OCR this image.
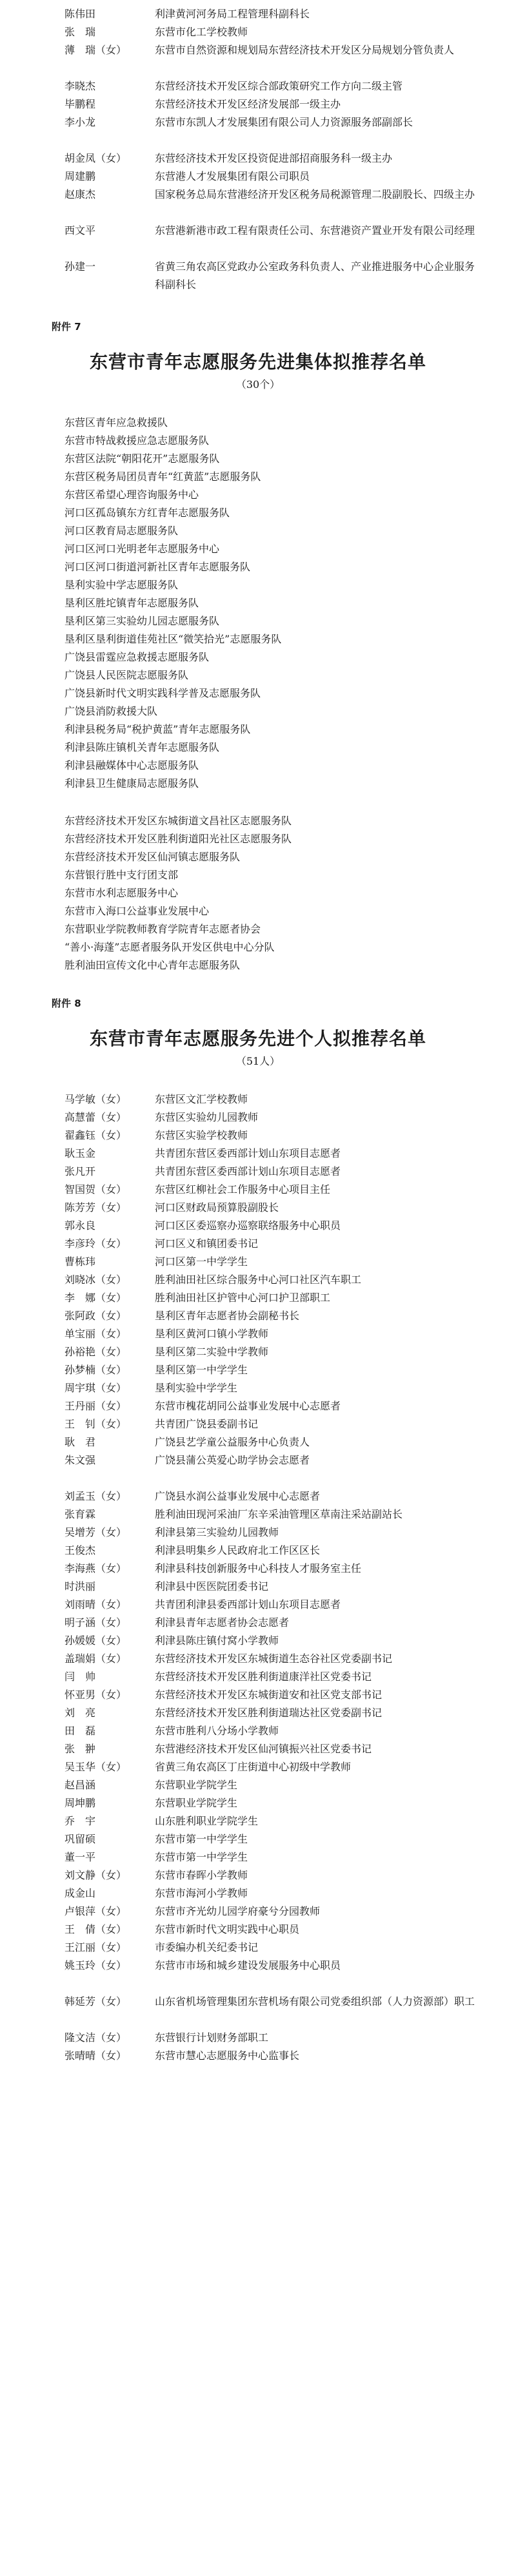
陈伟田	利津黄河河务局工程管理科副科长
张　瑞	东营市化工学校教师
薄　瑞（女）	东营市自然资源和规划局东营经济技术开发区分局规划分管负责人
李晓杰	东营经济技术开发区综合部政策研究工作方向二级主管
毕鹏程	东营经济技术开发区经济发展部一级主办
李小龙	东营市东凯人才发展集团有限公司人力资源服务部副部长
胡金凤（女）	东营经济技术开发区投资促进部招商服务科一级主办
周建鹏	东营港人才发展集团有限公司职员
赵康杰	国家税务总局东营港经济开发区税务局税源管理二股副股长、四级主办
西文平	东营港新港市政工程有限责任公司、东营港资产置业开发有限公司经理
孙建一	省黄三角农高区党政办公室政务科负责人、产业推进服务中心企业服务科副科长
附件 7
东营市青年志愿服务先进集体拟推荐名单
（30个）
东营区青年应急救援队
东营市特战救援应急志愿服务队
东营区法院“朝阳花开”志愿服务队
东营区税务局团员青年“红黄蓝”志愿服务队
东营区希望心理咨询服务中心
河口区孤岛镇东方红青年志愿服务队
河口区教育局志愿服务队
河口区河口光明老年志愿服务中心
河口区河口街道河新社区青年志愿服务队
垦利实验中学志愿服务队
垦利区胜坨镇青年志愿服务队
垦利区第三实验幼儿园志愿服务队
垦利区垦利街道佳苑社区“微笑拾光”志愿服务队
广饶县雷霆应急救援志愿服务队
广饶县人民医院志愿服务队
广饶县新时代文明实践科学普及志愿服务队
广饶县消防救援大队
利津县税务局“税护黄蓝”青年志愿服务队
利津县陈庄镇机关青年志愿服务队
利津县融媒体中心志愿服务队
利津县卫生健康局志愿服务队
东营经济技术开发区东城街道文昌社区志愿服务队
东营经济技术开发区胜利街道阳光社区志愿服务队
东营经济技术开发区仙河镇志愿服务队
东营银行胜中支行团支部
东营市水利志愿服务中心
东营市入海口公益事业发展中心
东营职业学院教师教育学院青年志愿者协会
“善小·海蓬”志愿者服务队开发区供电中心分队
胜利油田宣传文化中心青年志愿服务队
附件 8
东营市青年志愿服务先进个人拟推荐名单
（51人）
马学敏（女）	东营区文汇学校教师
高慧蕾（女）	东营区实验幼儿园教师
翟鑫钰（女）	东营区实验学校教师
耿玉金	共青团东营区委西部计划山东项目志愿者
张凡开	共青团东营区委西部计划山东项目志愿者
智国贺（女）	东营区红柳社会工作服务中心项目主任
陈芳芳（女）	河口区财政局预算股副股长
郭永良	河口区区委巡察办巡察联络服务中心职员
李彦玲（女）	河口区义和镇团委书记
曹栋玮	河口区第一中学学生
刘晓冰（女）	胜利油田社区综合服务中心河口社区汽车职工
李　娜（女）	胜利油田社区护管中心河口护卫部职工
张阿政（女）	垦利区青年志愿者协会副秘书长
单宝丽（女）	垦利区黄河口镇小学教师
孙裕艳（女）	垦利区第二实验中学教师
孙梦楠（女）	垦利区第一中学学生
周宇琪（女）	垦利实验中学学生
王丹丽（女）	东营市槐花胡同公益事业发展中心志愿者
王　钊（女）	共青团广饶县委副书记
耿　君	广饶县艺学童公益服务中心负责人
朱文强	广饶县蒲公英爱心助学协会志愿者
刘孟玉（女）	广饶县水润公益事业发展中心志愿者
张育霖	胜利油田现河采油厂东辛采油管理区草南注采站副站长
吴增芳（女）	利津县第三实验幼儿园教师
王俊杰	利津县明集乡人民政府北工作区区长
李海燕（女）	利津县科技创新服务中心科技人才服务室主任
时洪丽	利津县中医医院团委书记
刘雨晴（女）	共青团利津县委西部计划山东项目志愿者
明子涵（女）	利津县青年志愿者协会志愿者
孙媛媛（女）	利津县陈庄镇付窝小学教师
盖瑞娟（女）	东营经济技术开发区东城街道生态谷社区党委副书记
闫　帅	东营经济技术开发区胜利街道康洋社区党委书记
怀亚男（女）	东营经济技术开发区东城街道安和社区党支部书记
刘　亮	东营经济技术开发区胜利街道瑞达社区党委副书记
田　磊	东营市胜利八分场小学教师
张　翀	东营港经济技术开发区仙河镇振兴社区党委书记
吴玉华（女）	省黄三角农高区丁庄街道中心初级中学教师
赵昌涵	东营职业学院学生
周坤鹏	东营职业学院学生
乔　宇	山东胜利职业学院学生
巩留硕	东营市第一中学学生
董一平	东营市第一中学学生
刘文静（女）	东营市春晖小学教师
成金山	东营市海河小学教师
卢银萍（女）	东营市齐光幼儿园学府豪兮分园教师
王　倩（女）	东营市新时代文明实践中心职员
王江丽（女）	市委编办机关纪委书记
姚玉玲（女）	东营市市场和城乡建设发展服务中心职员
韩延芳（女）	山东省机场管理集团东营机场有限公司党委组织部（人力资源部）职工
隆文洁（女）	东营银行计划财务部职工
张晴晴（女）	东营市慧心志愿服务中心监事长
